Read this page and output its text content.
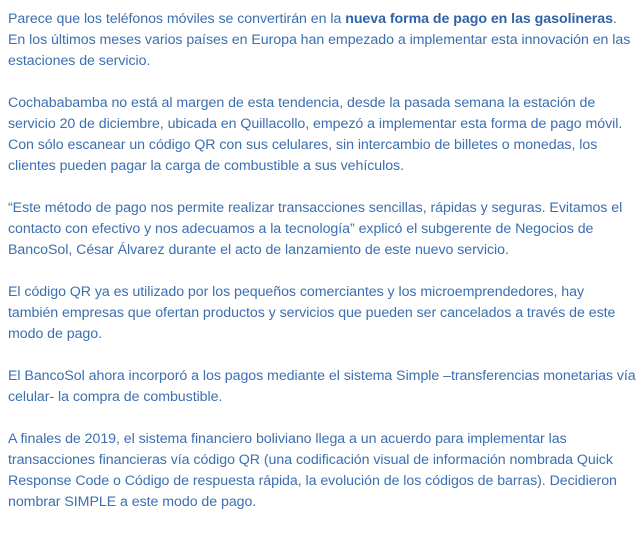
Parece que los teléfonos móviles se convertirán en la nueva forma de pago en las gasolineras. En los últimos meses varios países en Europa han empezado a implementar esta innovación en las estaciones de servicio.

Cochababamba no está al margen de esta tendencia, desde la pasada semana la estación de servicio 20 de diciembre, ubicada en Quillacollo, empezó a implementar esta forma de pago móvil. Con sólo escanear un código QR con sus celulares, sin intercambio de billetes o monedas, los clientes pueden pagar la carga de combustible a sus vehículos.

“Este método de pago nos permite realizar transacciones sencillas, rápidas y seguras. Evitamos el contacto con efectivo y nos adecuamos a la tecnología” explicó el subgerente de Negocios de BancoSol, César Álvarez durante el acto de lanzamiento de este nuevo servicio.

El código QR ya es utilizado por los pequeños comerciantes y los microemprendedores, hay también empresas que ofertan productos y servicios que pueden ser cancelados a través de este modo de pago.

El BancoSol ahora incorporó a los pagos mediante el sistema Simple –transferencias monetarias vía celular- la compra de combustible.

A finales de 2019, el sistema financiero boliviano llega a un acuerdo para implementar las transacciones financieras vía código QR (una codificación visual de información nombrada Quick Response Code o Código de respuesta rápida, la evolución de los códigos de barras). Decidieron nombrar SIMPLE a este modo de pago.
